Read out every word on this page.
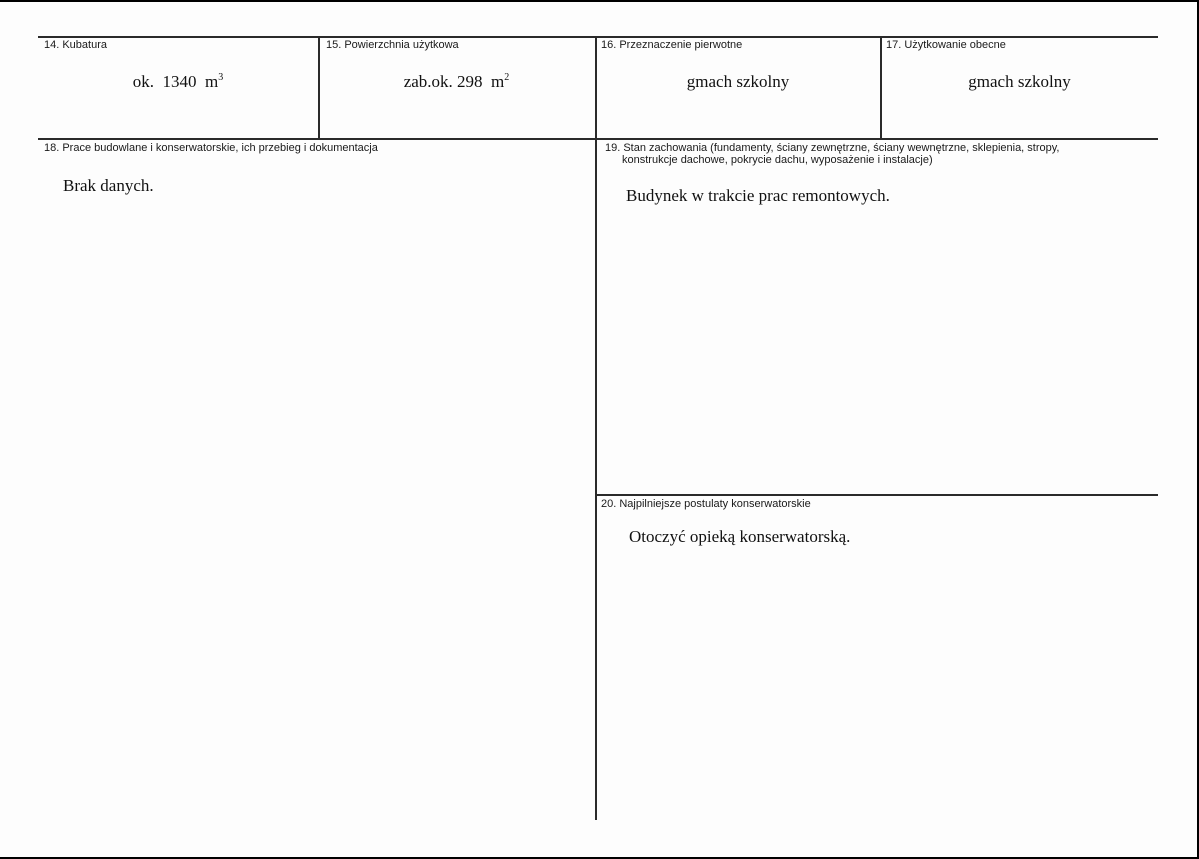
14. Kubatura
ok.  1340  $m^3$
15. Powierzchnia użytkowa
zab.ok. 298  $m^2$
16. Przeznaczenie pierwotne
gmach szkolny
17. Użytkowanie obecne
gmach szkolny
18. Prace budowlane i konserwatorskie, ich przebieg i dokumentacja
Brak danych.
19. Stan zachowania (fundamenty, ściany zewnętrzne, ściany wewnętrzne, sklepienia, stropy,
konstrukcje dachowe, pokrycie dachu, wyposażenie i instalacje)
Budynek w trakcie prac remontowych.
20. Najpilniejsze postulaty konserwatorskie
Otoczyć opieką konserwatorską.
